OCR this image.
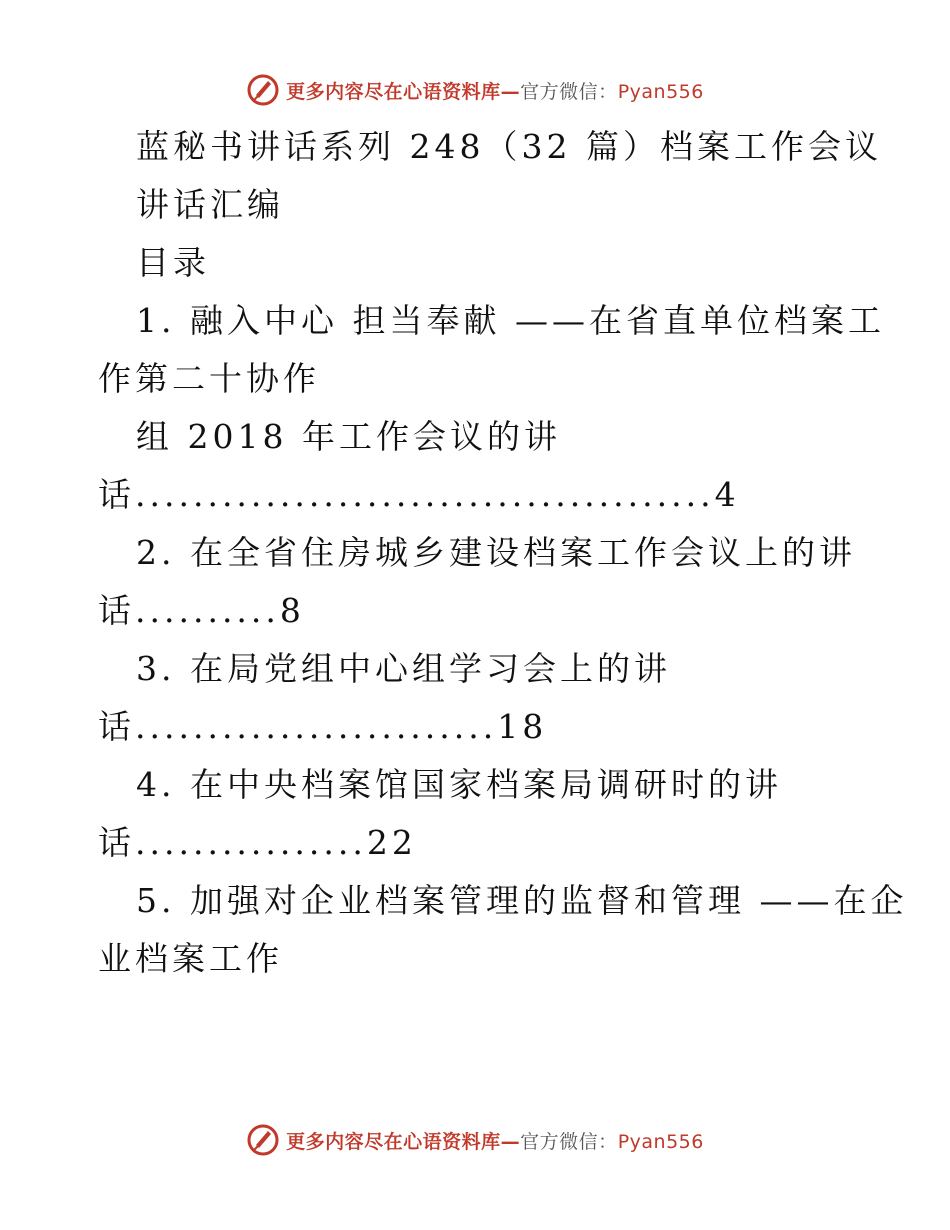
更多内容尽在心语资料库—官方微信：Pyan556
蓝秘书讲话系列 248（32 篇）档案工作会议
讲话汇编
目录
1. 融入中心 担当奉献 ——在省直单位档案工
作第二十协作
组 2018 年工作会议的讲
话........................................4
2. 在全省住房城乡建设档案工作会议上的讲
话..........8
3. 在局党组中心组学习会上的讲
话.........................18
4. 在中央档案馆国家档案局调研时的讲
话................22
5. 加强对企业档案管理的监督和管理 ——在企
业档案工作
更多内容尽在心语资料库—官方微信：Pyan556
